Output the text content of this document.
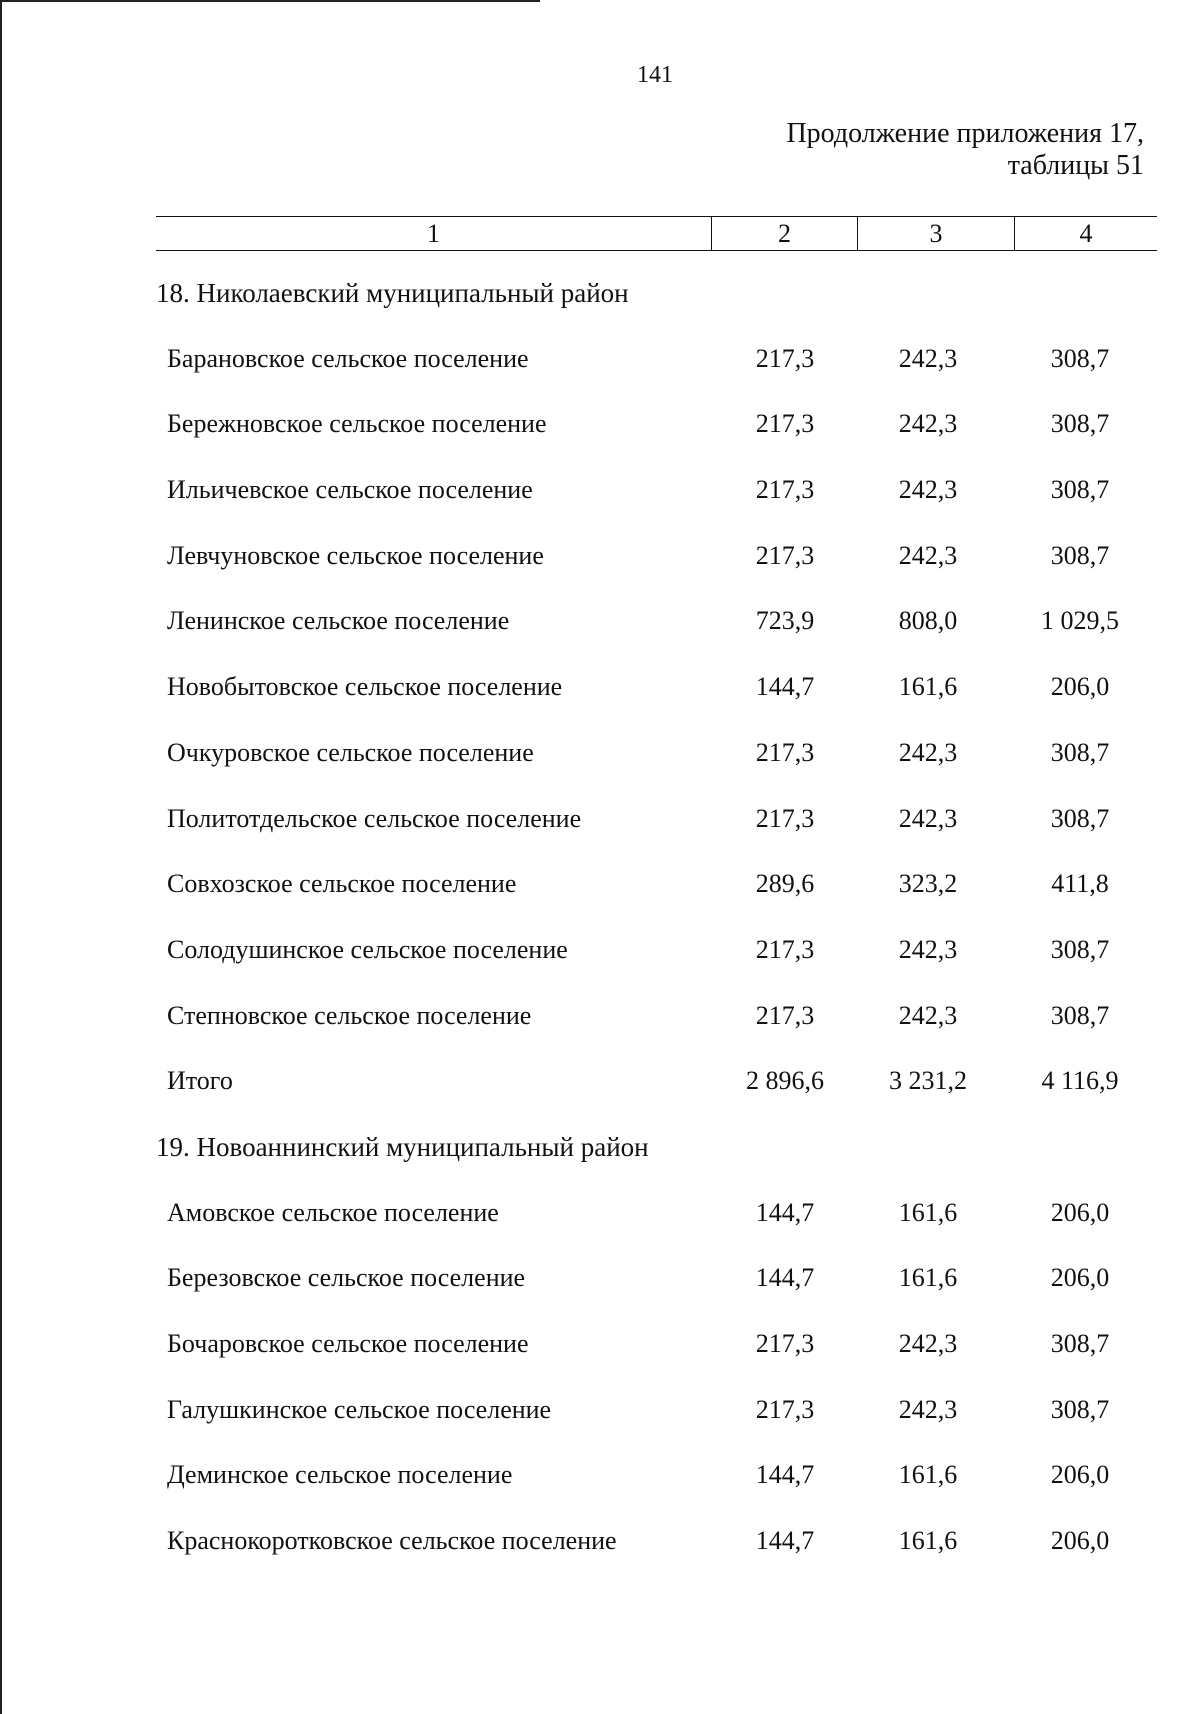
141
Продолжение приложения 17,
таблицы 51
1	2	3	4
18. Николаевский муниципальный район
Барановское сельское поселение	217,3	242,3	308,7
Бережновское сельское поселение	217,3	242,3	308,7
Ильичевское сельское поселение	217,3	242,3	308,7
Левчуновское сельское поселение	217,3	242,3	308,7
Ленинское сельское поселение	723,9	808,0	1 029,5
Новобытовское сельское поселение	144,7	161,6	206,0
Очкуровское сельское поселение	217,3	242,3	308,7
Политотдельское сельское поселение	217,3	242,3	308,7
Совхозское сельское поселение	289,6	323,2	411,8
Солодушинское сельское поселение	217,3	242,3	308,7
Степновское сельское поселение	217,3	242,3	308,7
Итого	2 896,6	3 231,2	4 116,9
19. Новоаннинский муниципальный район
Амовское сельское поселение	144,7	161,6	206,0
Березовское сельское поселение	144,7	161,6	206,0
Бочаровское сельское поселение	217,3	242,3	308,7
Галушкинское сельское поселение	217,3	242,3	308,7
Деминское сельское поселение	144,7	161,6	206,0
Краснокоротковское сельское поселение	144,7	161,6	206,0
